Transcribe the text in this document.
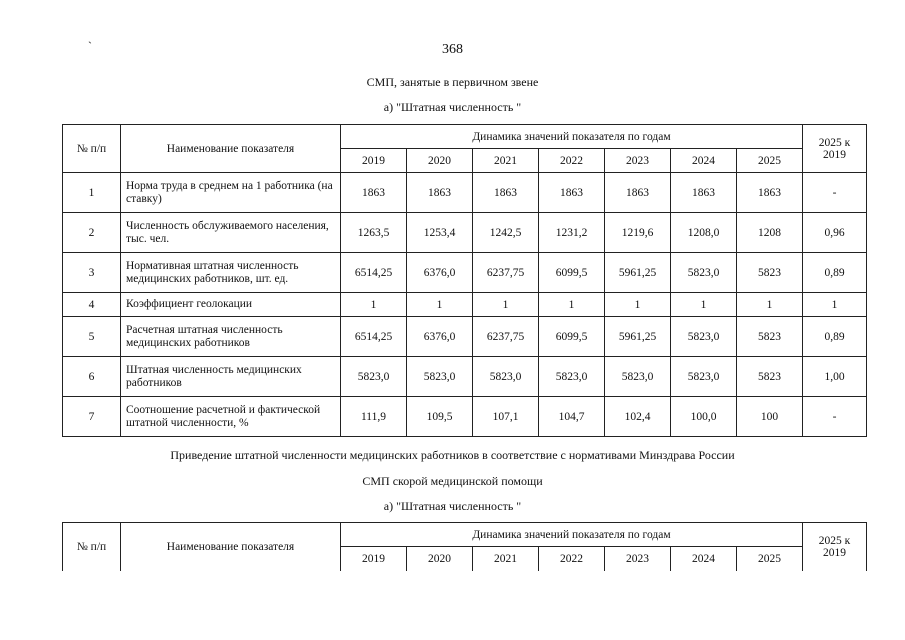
ˏ
368
СМП, занятые в первичном звене
а) "Штатная численность "
№ п/п	Наименование показателя	Динамика значений показателя по годам							2025 к 2019
		2019	2020	2021	2022	2023	2024	2025	
1	Норма труда в среднем на 1 работника (на ставку)	1863	1863	1863	1863	1863	1863	1863	-
2	Численность обслуживаемого населения, тыс. чел.	1263,5	1253,4	1242,5	1231,2	1219,6	1208,0	1208	0,96
3	Нормативная штатная численность медицинских работников, шт. ед.	6514,25	6376,0	6237,75	6099,5	5961,25	5823,0	5823	0,89
4	Коэффициент геолокации	1	1	1	1	1	1	1	1
5	Расчетная штатная численность медицинских работников	6514,25	6376,0	6237,75	6099,5	5961,25	5823,0	5823	0,89
6	Штатная численность медицинских работников	5823,0	5823,0	5823,0	5823,0	5823,0	5823,0	5823	1,00
7	Соотношение расчетной и фактической штатной численности, %	111,9	109,5	107,1	104,7	102,4	100,0	100	-
Приведение штатной численности медицинских работников в соответствие с нормативами Минздрава России
СМП скорой медицинской помощи
а) "Штатная численность "
№ п/п	Наименование показателя	Динамика значений показателя по годам							2025 к 2019
		2019	2020	2021	2022	2023	2024	2025	
